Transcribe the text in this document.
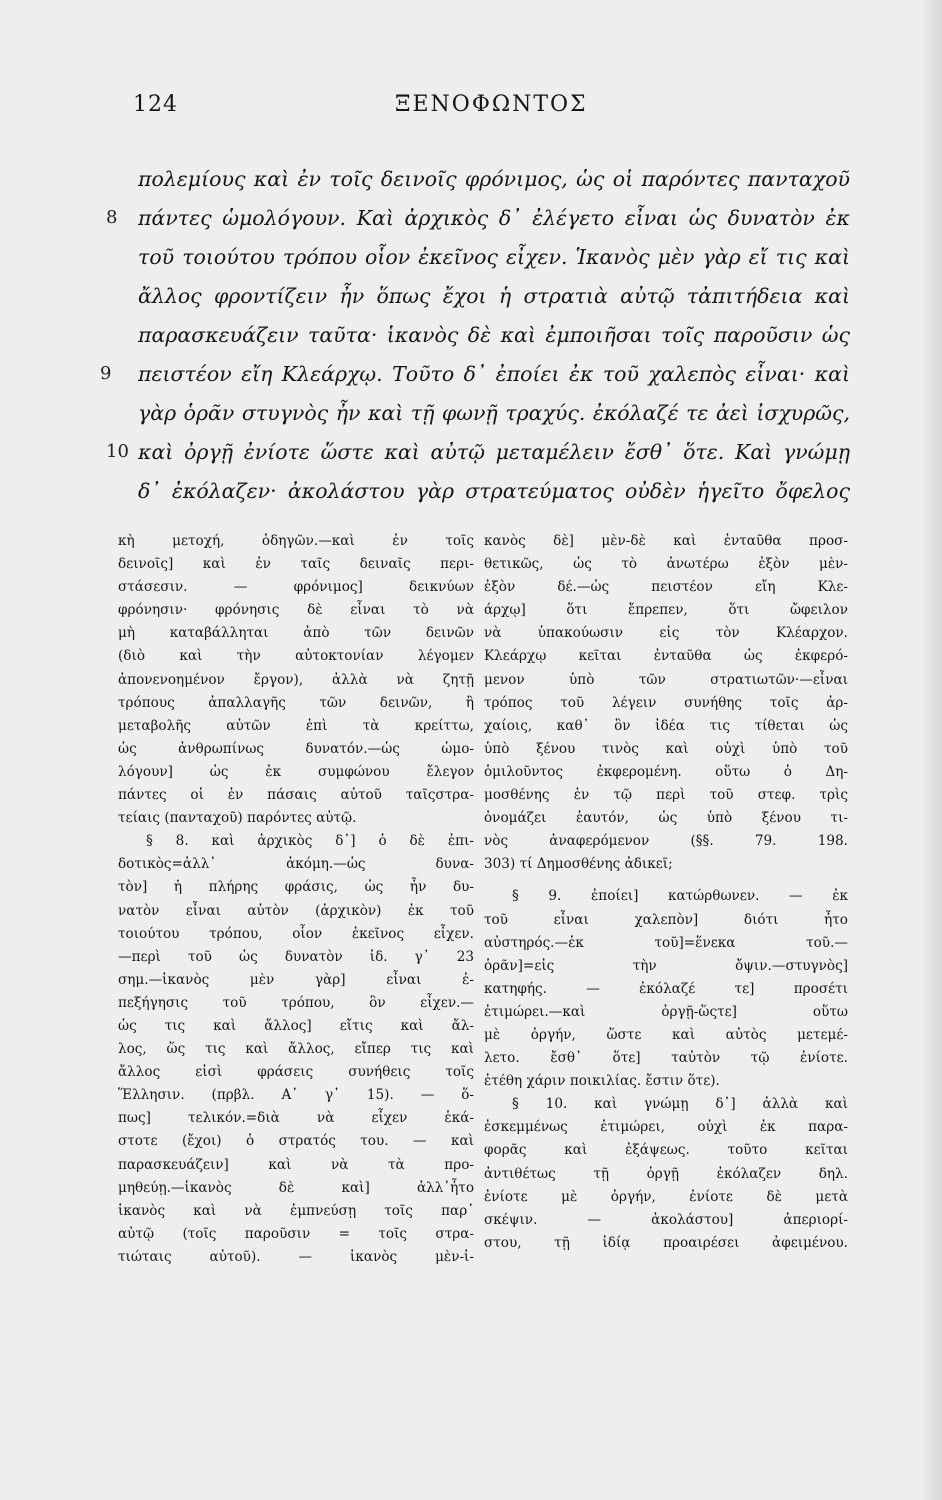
124	ΞΕΝΟΦΩΝΤΟΣ
8
9
10
πολεμίους καὶ ἐν τοῖς δεινοῖς φρόνιμος, ὡς οἱ παρόντες πανταχοῦ
πάντες ὡμολόγουν. Καὶ ἀρχικὸς δ᾽ ἐλέγετο εἶναι ὡς δυνατὸν ἐκ
τοῦ τοιούτου τρόπου οἷον ἐκεῖνος εἶχεν. Ἱκανὸς μὲν γὰρ εἴ τις καὶ
ἄλλος φροντίζειν ἦν ὅπως ἔχοι ἡ στρατιὰ αὐτῷ τἀπιτήδεια καὶ
παρασκευάζειν ταῦτα· ἱκανὸς δὲ καὶ ἐμποιῆσαι τοῖς παροῦσιν ὡς
πειστέον εἴη Κλεάρχῳ. Τοῦτο δ᾽ ἐποίει ἐκ τοῦ χαλεπὸς εἶναι· καὶ
γὰρ ὁρᾶν στυγνὸς ἦν καὶ τῇ φωνῇ τραχύς. ἐκόλαζέ τε ἀεὶ ἰσχυρῶς,
καὶ ὀργῇ ἐνίοτε ὥστε καὶ αὐτῷ μεταμέλειν ἔσθ᾽ ὅτε. Καὶ γνώμῃ
δ᾽ ἐκόλαζεν· ἀκολάστου γὰρ στρατεύματος οὐδὲν ἡγεῖτο ὄφελος
κὴ μετοχή, ὁδηγῶν.—καὶ ἐν τοῖς
δεινοῖς] καὶ ἐν ταῖς δειναῖς περι-
στάσεσιν. — φρόνιμος] δεικνύων
φρόνησιν· φρόνησις δὲ εἶναι τὸ νὰ
μὴ καταβάλληται ἀπὸ τῶν δεινῶν
(διὸ καὶ τὴν αὐτοκτονίαν λέγομεν
ἀπονενοημένον ἔργον), ἀλλὰ νὰ ζητῇ
τρόπους ἀπαλλαγῆς τῶν δεινῶν, ἢ
μεταβολῆς αὐτῶν ἐπὶ τὰ κρείττω,
ὡς ἀνθρωπίνως δυνατόν.—ὡς ὡμο-
λόγουν] ὡς ἐκ συμφώνου ἔλεγον
πάντες οἱ ἐν πάσαις αὐτοῦ ταῖςστρα-
τείαις (πανταχοῦ) παρόντες αὐτῷ.
§ 8. καὶ ἀρχικὸς δ᾽] ὁ δὲ ἐπι-
δοτικὸς=ἀλλ᾽ ἀκόμη.—ὡς δυνα-
τὸν] ἡ πλήρης φράσις, ὡς ἦν δυ-
νατὸν εἶναι αὐτὸν (ἀρχικὸν) ἐκ τοῦ
τοιούτου τρόπου, οἷον ἐκεῖνος εἶχεν.
—περὶ τοῦ ὡς δυνατὸν ἰδ. γ᾽ 23
σημ.—ἱκανὸς μὲν γὰρ] εἶναι ἐ-
πεξήγησις τοῦ τρόπου, ὃν εἶχεν.—
ὡς τις καὶ ἄλλος] εἴτις καὶ ἄλ-
λος, ὥς τις καὶ ἄλλος, εἴπερ τις καὶ
ἄλλος εἰσὶ φράσεις συνήθεις τοῖς
Ἕλλησιν. (πρβλ. Α᾽ γ᾽ 15). — ὅ-
πως] τελικόν.=διὰ νὰ εἶχεν ἑκά-
στοτε (ἔχοι) ὁ στρατός του. — καὶ
παρασκευάζειν] καὶ νὰ τὰ προ-
μηθεύῃ.—ἱκανὸς δὲ καὶ] ἀλλ᾽ἦτο
ἱκανὸς καὶ νὰ ἐμπνεύσῃ τοῖς παρ᾽
αὐτῷ (τοῖς παροῦσιν = τοῖς στρα-
τιώταις αὐτοῦ). — ἱκανὸς μὲν-ἱ-
κανὸς δὲ] μὲν-δὲ καὶ ἐνταῦθα προσ-
θετικῶς, ὡς τὸ ἀνωτέρω ἐξὸν μὲν-
ἐξὸν δέ.—ὡς πειστέον εἴη Κλε-
άρχῳ] ὅτι ἔπρεπεν, ὅτι ὤφειλον
νὰ ὑπακούωσιν εἰς τὸν Κλέαρχον.
Κλεάρχῳ κεῖται ἐνταῦθα ὡς ἐκφερό-
μενον ὑπὸ τῶν στρατιωτῶν·—εἶναι
τρόπος τοῦ λέγειν συνήθης τοῖς ἀρ-
χαίοις, καθ᾽ ὃν ἰδέα τις τίθεται ὡς
ὑπὸ ξένου τινὸς καὶ οὐχὶ ὑπὸ τοῦ
ὁμιλοῦντος ἐκφερομένη. οὕτω ὁ Δη-
μοσθένης ἐν τῷ περὶ τοῦ στεφ. τρὶς
ὀνομάζει ἑαυτόν, ὡς ὑπὸ ξένου τι-
νὸς ἀναφερόμενον (§§. 79. 198.
303) τί Δημοσθένης ἀδικεῖ;
§ 9. ἐποίει] κατώρθωνεν. — ἐκ
τοῦ εἶναι χαλεπὸν] διότι ἦτο
αὐστηρός.—ἐκ τοῦ]=ἕνεκα τοῦ.—
ὁρᾶν]=εἰς τὴν ὄψιν.—στυγνὸς]
κατηφής. — ἐκόλαζέ τε] προσέτι
ἐτιμώρει.—καὶ ὀργῇ-ὥςτε] οὕτω
μὲ ὀργήν, ὥστε καὶ αὐτὸς μετεμέ-
λετο. ἔσθ᾽ ὅτε] ταὐτὸν τῷ ἐνίοτε.
ἐτέθη χάριν ποικιλίας. ἔστιν ὅτε).
§ 10. καὶ γνώμῃ δ᾽] ἀλλὰ καὶ
ἐσκεμμένως ἐτιμώρει, οὐχὶ ἐκ παρα-
φορᾶς καὶ ἐξάψεως. τοῦτο κεῖται
ἀντιθέτως τῇ ὀργῇ ἐκόλαζεν δηλ.
ἐνίοτε μὲ ὀργήν, ἐνίοτε δὲ μετὰ
σκέψιν. — ἀκολάστου] ἀπεριορί-
στου, τῇ ἰδίᾳ προαιρέσει ἀφειμένου.
